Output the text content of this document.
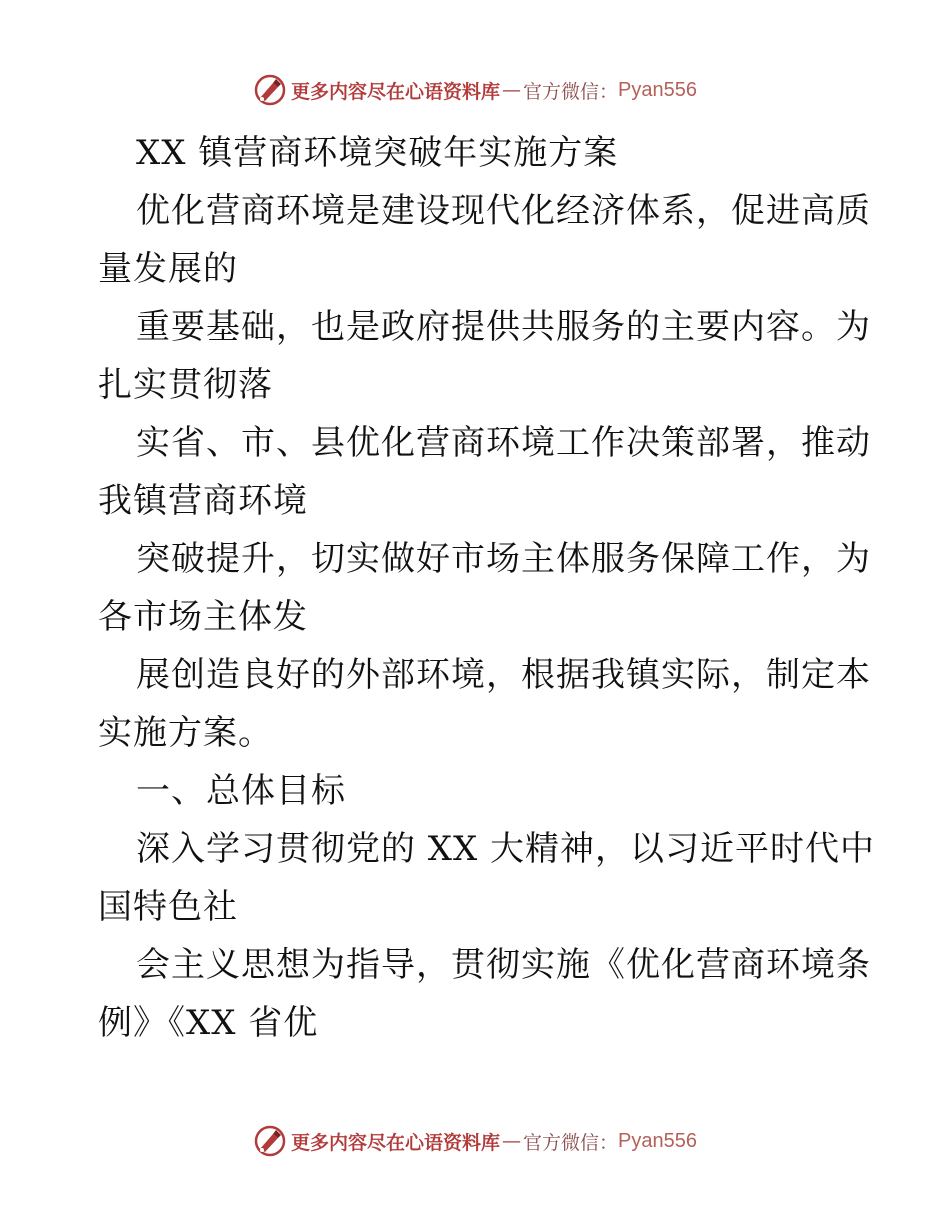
更多内容尽在心语资料库 — 官方微信： Pyan556
XX 镇营商环境突破年实施方案
优化营商环境是建设现代化经济体系，促进高质
量发展的
重要基础，也是政府提供共服务的主要内容。为
扎实贯彻落
实省、市、县优化营商环境工作决策部署，推动
我镇营商环境
突破提升，切实做好市场主体服务保障工作，为
各市场主体发
展创造良好的外部环境，根据我镇实际，制定本
实施方案。
一、总体目标
深入学习贯彻党的 XX 大精神，以习近平时代中
国特色社
会主义思想为指导，贯彻实施《优化营商环境条
例》《XX 省优
更多内容尽在心语资料库 — 官方微信： Pyan556
